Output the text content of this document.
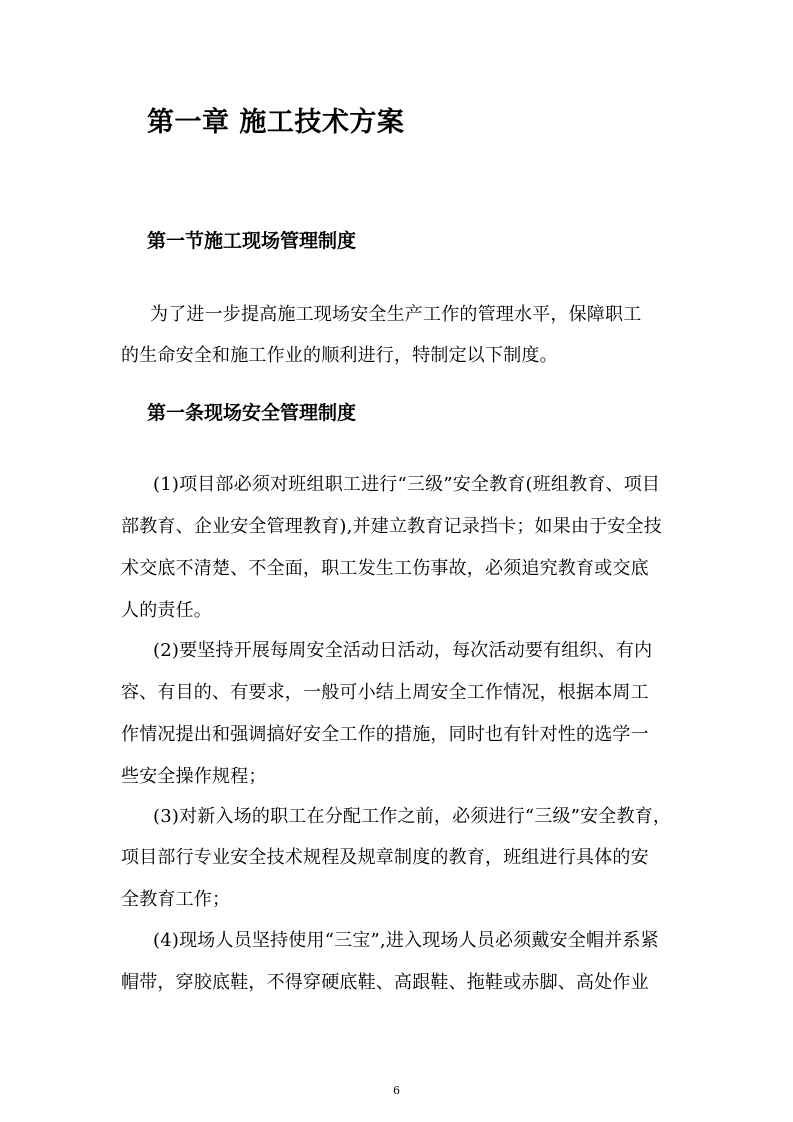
第一章 施工技术方案
第一节施工现场管理制度

为了进一步提高施工现场安全生产工作的管理水平，保障职工

的生命安全和施工作业的顺利进行，特制定以下制度。

第一条现场安全管理制度

(1)项目部必须对班组职工进行“三级”安全教育(班组教育、项目

部教育、企业安全管理教育),并建立教育记录挡卡；如果由于安全技

术交底不清楚、不全面，职工发生工伤事故，必须追究教育或交底

人的责任。

(2)要坚持开展每周安全活动日活动，每次活动要有组织、有内

容、有目的、有要求，一般可小结上周安全工作情况，根据本周工

作情况提出和强调搞好安全工作的措施，同时也有针对性的选学一

些安全操作规程；

(3)对新入场的职工在分配工作之前，必须进行“三级”安全教育，

项目部行专业安全技术规程及规章制度的教育，班组进行具体的安

全教育工作；

(4)现场人员坚持使用“三宝”,进入现场人员必须戴安全帽并系紧

帽带，穿胶底鞋，不得穿硬底鞋、高跟鞋、拖鞋或赤脚、高处作业

6
